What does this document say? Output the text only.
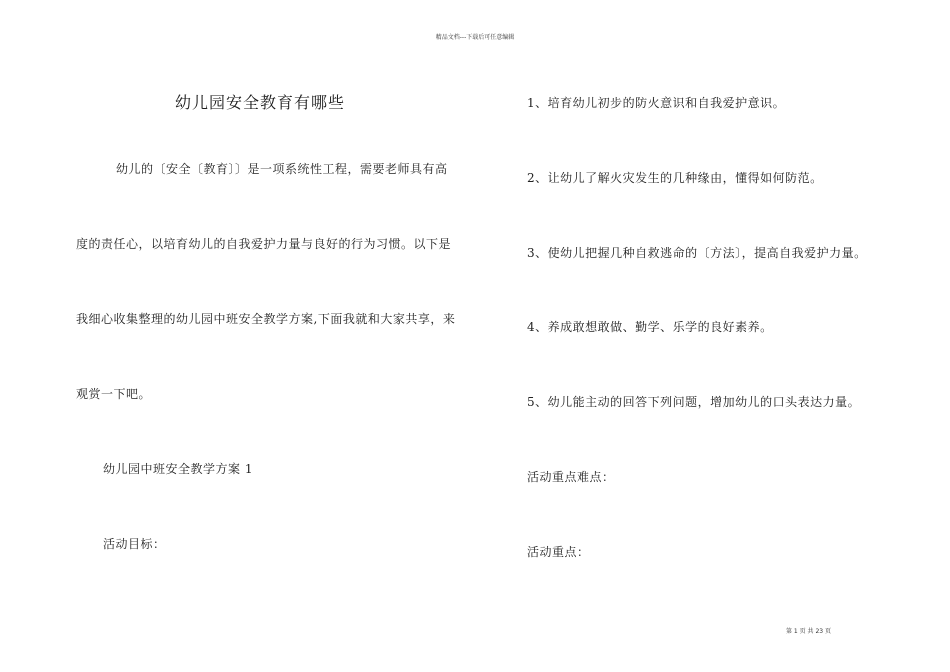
精品文档---下载后可任意编辑
幼儿园安全教育有哪些
幼儿的〔安全〔教育〕〕是一项系统性工程，需要老师具有高
度的责任心，以培育幼儿的自我爱护力量与良好的行为习惯。以下是
我细心收集整理的幼儿园中班安全教学方案,下面我就和大家共享，来
观赏一下吧。
幼儿园中班安全教学方案 1
活动目标：
1、培育幼儿初步的防火意识和自我爱护意识。
2、让幼儿了解火灾发生的几种缘由，懂得如何防范。
3、使幼儿把握几种自救逃命的〔方法〕，提高自我爱护力量。
4、养成敢想敢做、勤学、乐学的良好素养。
5、幼儿能主动的回答下列问题，增加幼儿的口头表达力量。
活动重点难点：
活动重点：
第 1 页 共 23 页
